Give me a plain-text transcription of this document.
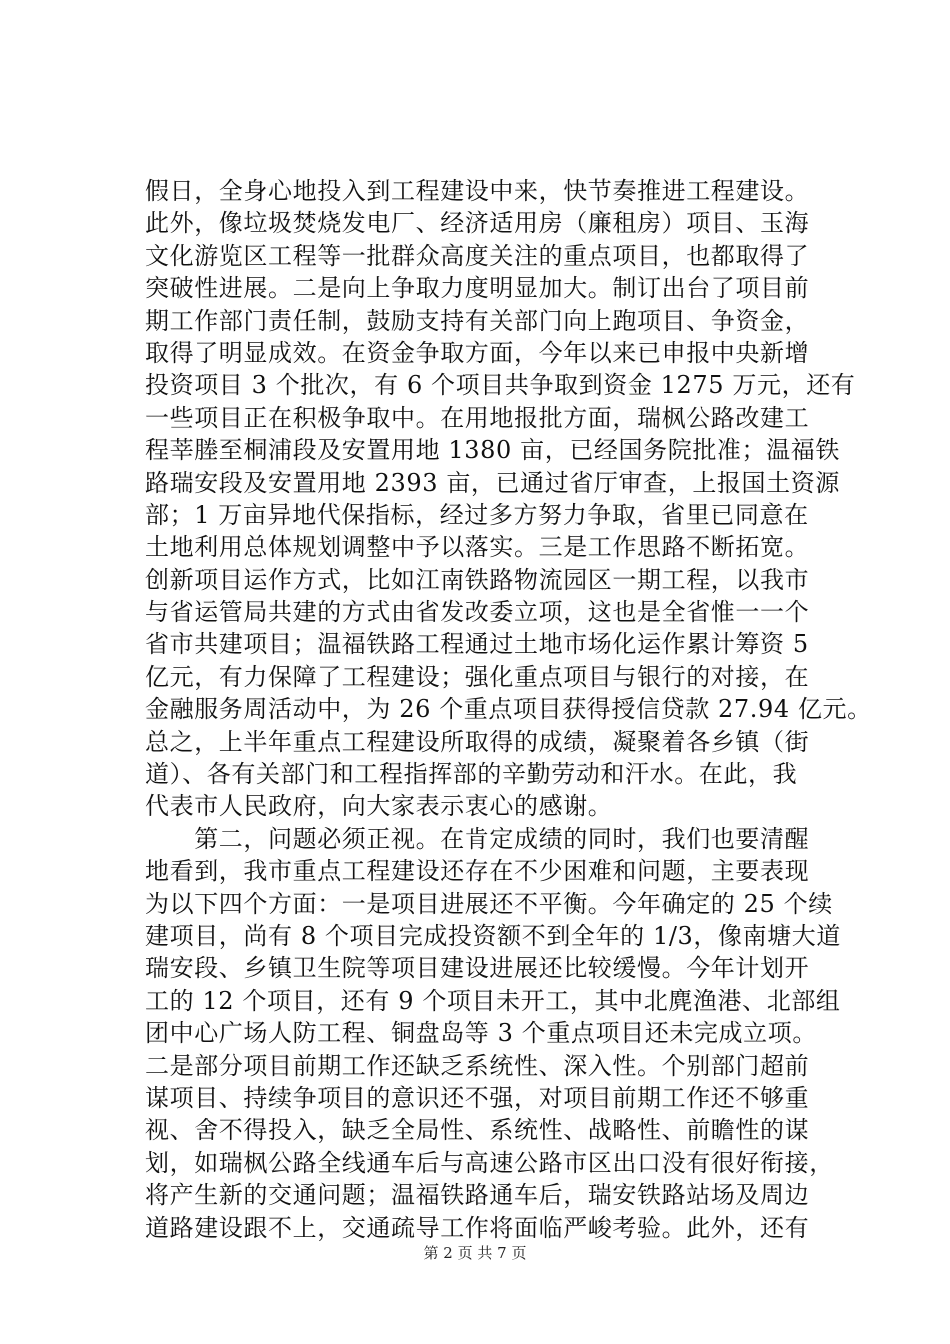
假日，全身心地投入到工程建设中来，快节奏推进工程建设。
此外，像垃圾焚烧发电厂、经济适用房（廉租房）项目、玉海
文化游览区工程等一批群众高度关注的重点项目，也都取得了
突破性进展。二是向上争取力度明显加大。制订出台了项目前
期工作部门责任制，鼓励支持有关部门向上跑项目、争资金，
取得了明显成效。在资金争取方面，今年以来已申报中央新增
投资项目 3 个批次，有 6 个项目共争取到资金 1275 万元，还有
一些项目正在积极争取中。在用地报批方面，瑞枫公路改建工
程莘塍至桐浦段及安置用地 1380 亩，已经国务院批准；温福铁
路瑞安段及安置用地 2393 亩，已通过省厅审查，上报国土资源
部；1 万亩异地代保指标，经过多方努力争取，省里已同意在
土地利用总体规划调整中予以落实。三是工作思路不断拓宽。
创新项目运作方式，比如江南铁路物流园区一期工程，以我市
与省运管局共建的方式由省发改委立项，这也是全省惟一一个
省市共建项目；温福铁路工程通过土地市场化运作累计筹资 5
亿元，有力保障了工程建设；强化重点项目与银行的对接，在
金融服务周活动中，为 26 个重点项目获得授信贷款 27.94 亿元。
总之，上半年重点工程建设所取得的成绩，凝聚着各乡镇（街
道）、各有关部门和工程指挥部的辛勤劳动和汗水。在此，我
代表市人民政府，向大家表示衷心的感谢。
　　第二，问题必须正视。在肯定成绩的同时，我们也要清醒
地看到，我市重点工程建设还存在不少困难和问题，主要表现
为以下四个方面：一是项目进展还不平衡。今年确定的 25 个续
建项目，尚有 8 个项目完成投资额不到全年的 1/3，像南塘大道
瑞安段、乡镇卫生院等项目建设进展还比较缓慢。今年计划开
工的 12 个项目，还有 9 个项目未开工，其中北麂渔港、北部组
团中心广场人防工程、铜盘岛等 3 个重点项目还未完成立项。
二是部分项目前期工作还缺乏系统性、深入性。个别部门超前
谋项目、持续争项目的意识还不强，对项目前期工作还不够重
视、舍不得投入，缺乏全局性、系统性、战略性、前瞻性的谋
划，如瑞枫公路全线通车后与高速公路市区出口没有很好衔接，
将产生新的交通问题；温福铁路通车后，瑞安铁路站场及周边
道路建设跟不上，交通疏导工作将面临严峻考验。此外，还有
第 2 页 共 7 页
